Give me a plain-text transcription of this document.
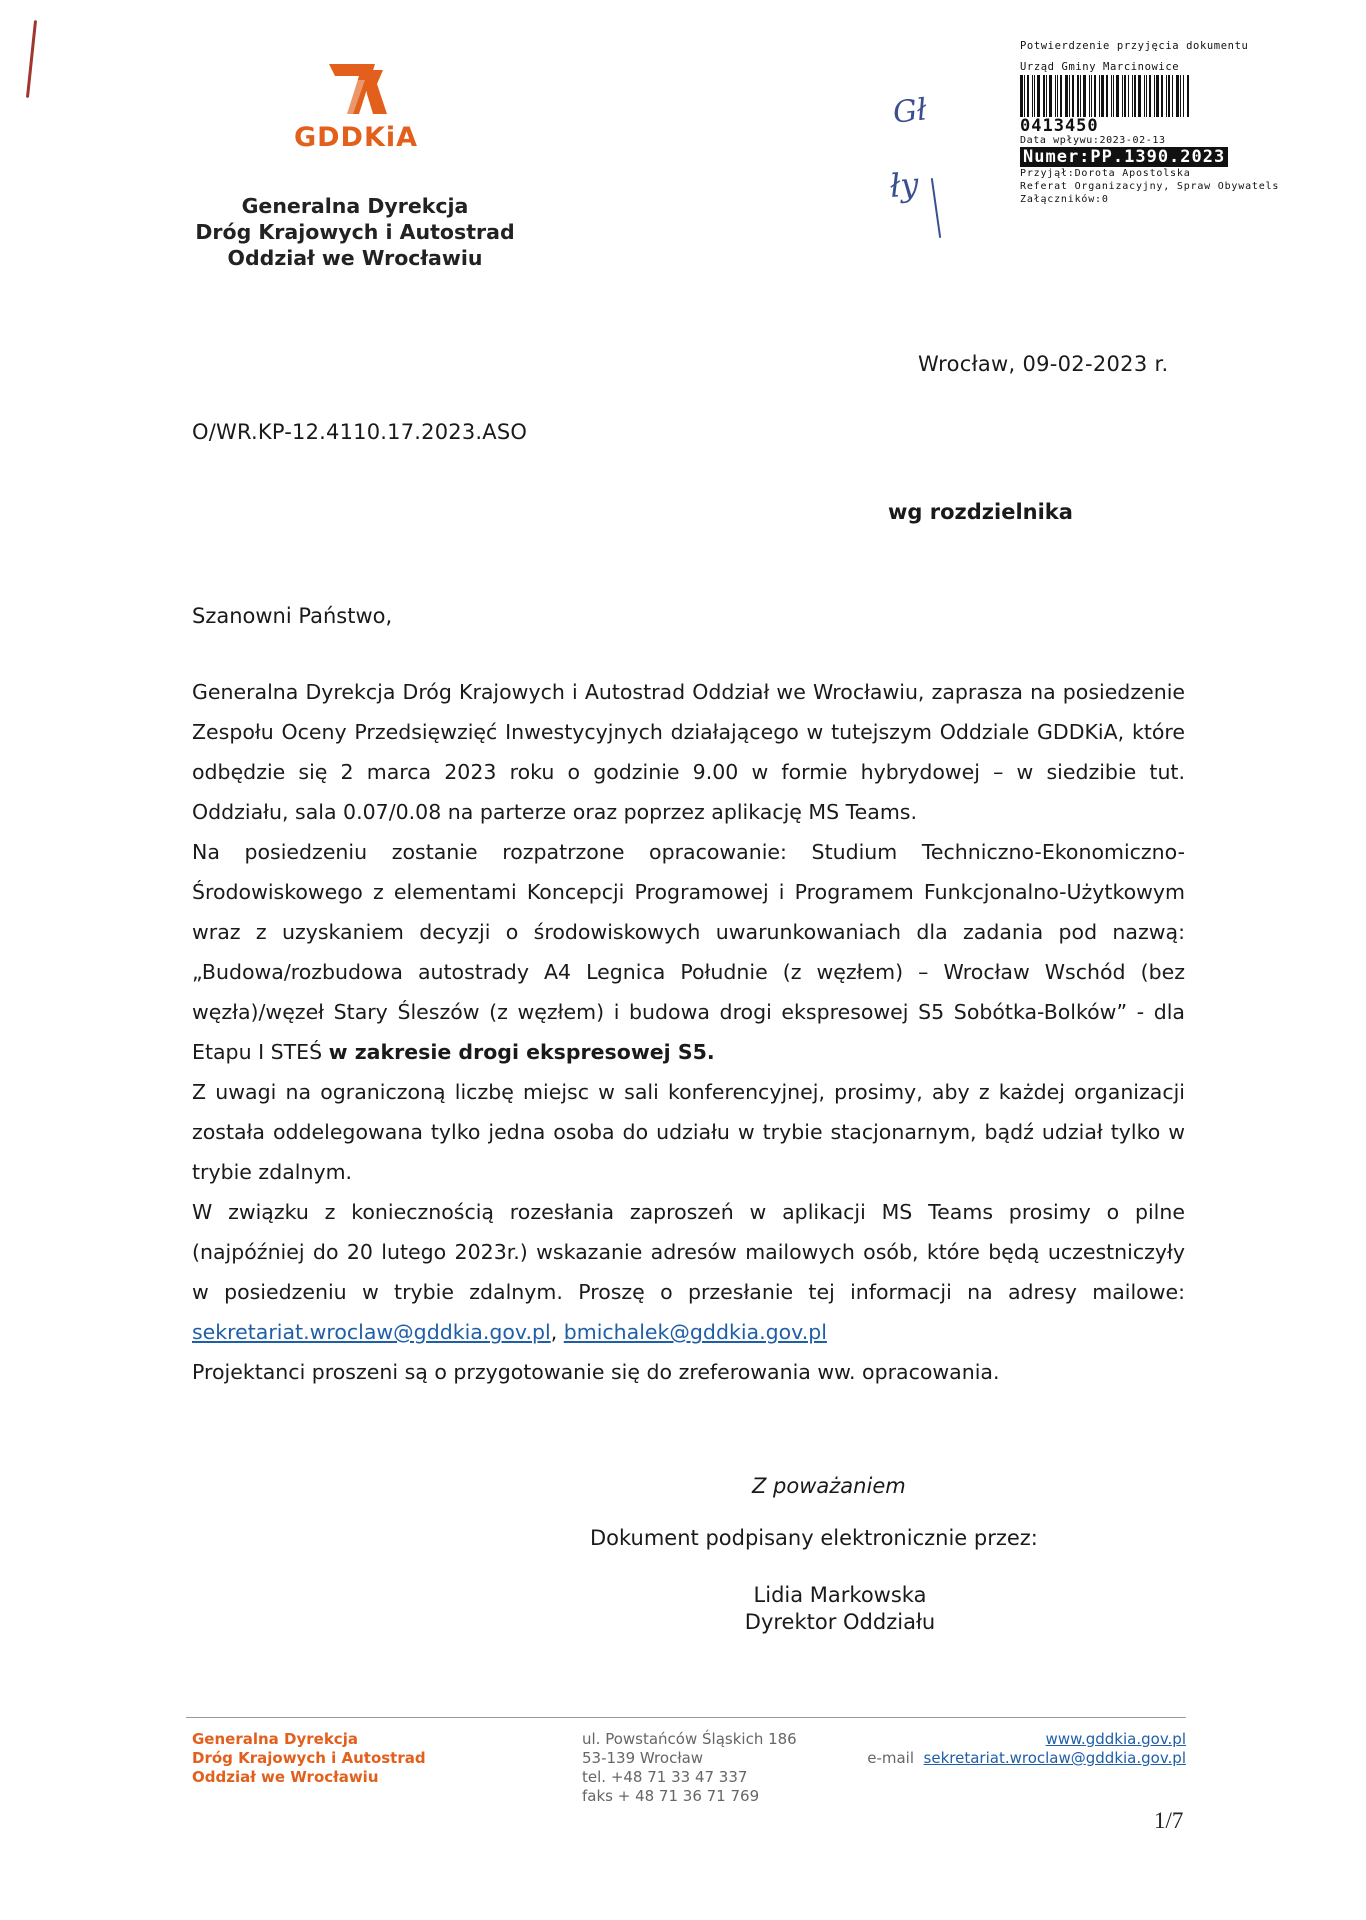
GDDKiA
Generalna Dyrekcja
Dróg Krajowych i Autostrad
Oddział we Wrocławiu
Potwierdzenie przyjęcia dokumentu
Urząd Gminy Marcinowice
0413450
Data wpływu:2023-02-13
Numer:PP.1390.2023
Przyjął:Dorota Apostolska
Referat Organizacyjny, Spraw Obywatels
Załączników:0
Gł
ły
Wrocław, 09-02-2023 r.
O/WR.KP-12.4110.17.2023.ASO
wg rozdzielnika
Szanowni Państwo,

Generalna Dyrekcja Dróg Krajowych i Autostrad Oddział we Wrocławiu, zaprasza na posiedzenie Zespołu Oceny Przedsięwzięć Inwestycyjnych działającego w tutejszym Oddziale GDDKiA, które odbędzie się 2 marca 2023 roku o godzinie 9.00 w formie hybrydowej – w siedzibie tut. Oddziału, sala 0.07/0.08 na parterze oraz poprzez aplikację MS Teams.

Na posiedzeniu zostanie rozpatrzone opracowanie: Studium Techniczno-Ekonomiczno-Środowiskowego z elementami Koncepcji Programowej i Programem Funkcjonalno-Użytkowym wraz z uzyskaniem decyzji o środowiskowych uwarunkowaniach dla zadania pod nazwą: „Budowa/rozbudowa autostrady A4 Legnica Południe (z węzłem) – Wrocław Wschód (bez węzła)/węzeł Stary Śleszów (z węzłem) i budowa drogi ekspresowej S5 Sobótka-Bolków” - dla Etapu I STEŚ w zakresie drogi ekspresowej S5.

Z uwagi na ograniczoną liczbę miejsc w sali konferencyjnej, prosimy, aby z każdej organizacji została oddelegowana tylko jedna osoba do udziału w trybie stacjonarnym, bądź udział tylko w trybie zdalnym.

W związku z koniecznością rozesłania zaproszeń w aplikacji MS Teams prosimy o pilne (najpóźniej do 20 lutego 2023r.) wskazanie adresów mailowych osób, które będą uczestniczyły w posiedzeniu w trybie zdalnym. Proszę o przesłanie tej informacji na adresy mailowe: sekretariat.wroclaw@gddkia.gov.pl, bmichalek@gddkia.gov.pl

Projektanci proszeni są o przygotowanie się do zreferowania ww. opracowania.

Z poważaniem
Dokument podpisany elektronicznie przez:
Lidia Markowska
Dyrektor Oddziału
Generalna Dyrekcja
Dróg Krajowych i Autostrad
Oddział we Wrocławiu
ul. Powstańców Śląskich 186
53-139 Wrocław
tel. +48 71 33 47 337
faks + 48 71 36 71 769
www.gddkia.gov.pl
e-mail sekretariat.wroclaw@gddkia.gov.pl
1/7
